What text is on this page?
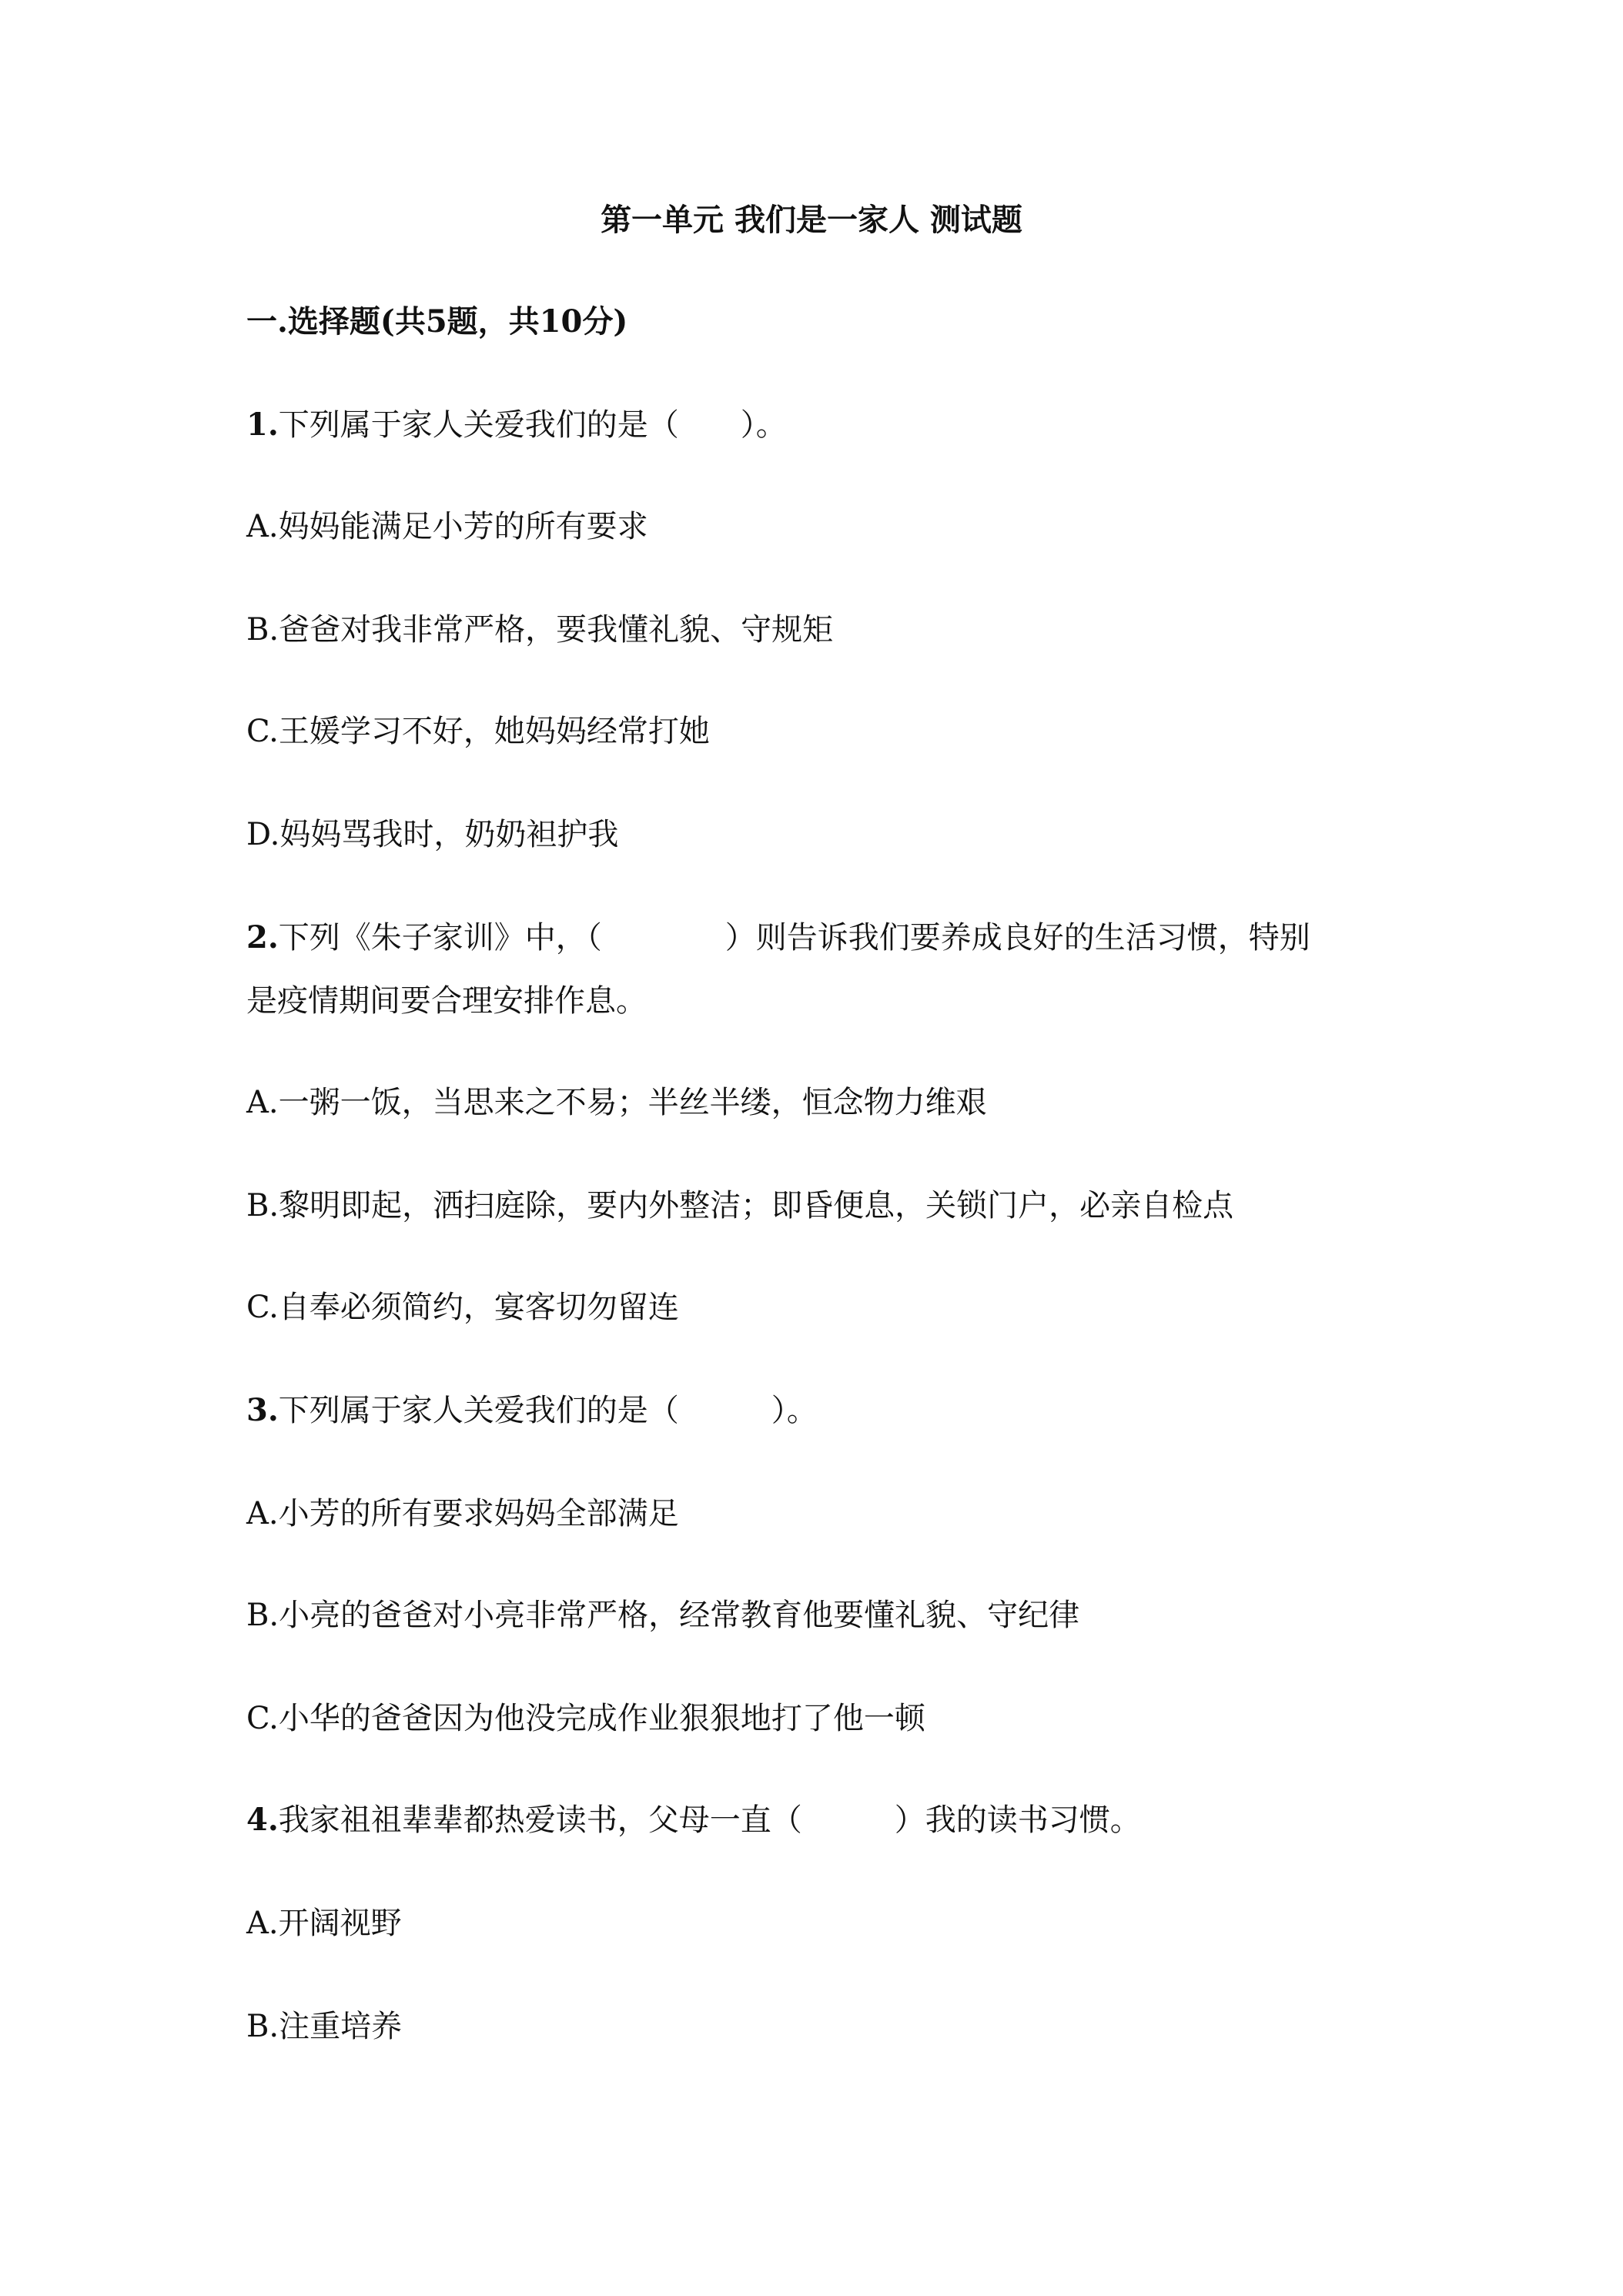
第一单元 我们是一家人 测试题
一.选择题(共5题，共10分)
1.下列属于家人关爱我们的是（　　）。
A.妈妈能满足小芳的所有要求
B.爸爸对我非常严格，要我懂礼貌、守规矩
C.王媛学习不好，她妈妈经常打她
D.妈妈骂我时，奶奶袒护我
2.下列《朱子家训》中，（　　　　）则告诉我们要养成良好的生活习惯，特别
是疫情期间要合理安排作息。
A.一粥一饭，当思来之不易；半丝半缕，恒念物力维艰
B.黎明即起，洒扫庭除，要内外整洁；即昏便息，关锁门户，必亲自检点
C.自奉必须简约，宴客切勿留连
3.下列属于家人关爱我们的是（　　　）。
A.小芳的所有要求妈妈全部满足
B.小亮的爸爸对小亮非常严格，经常教育他要懂礼貌、守纪律
C.小华的爸爸因为他没完成作业狠狠地打了他一顿
4.我家祖祖辈辈都热爱读书，父母一直（　　　）我的读书习惯。
A.开阔视野
B.注重培养
